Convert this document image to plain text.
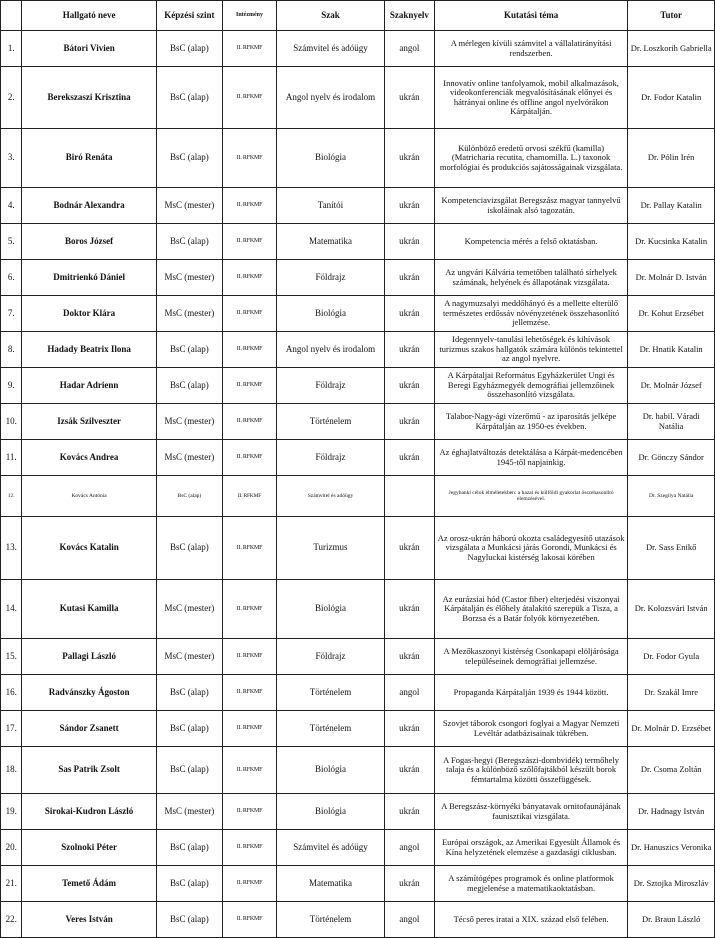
	Hallgató neve	Képzési szint	Intézmény	Szak	Szaknyelv	Kutatási téma	Tutor
1.	Bátori Vivien	BsC (alap)	II. RFKMF	Számvitel és adóügy	angol	A mérlegen kívüli számvitel a vállalatirányítási rendszerben.	Dr. Loszkorih Gabriella
2.	Berekszaszi Krisztina	BsC (alap)	II. RFKMF	Angol nyelv és irodalom	ukrán	Innovatív online tanfolyamok, mobil alkalmazások, videokonferenciák megvalósításának előnyei és hátrányai online és offline angol nyelvórákon Kárpátalján.	Dr. Fodor Katalin
3.	Biró Renáta	BsC (alap)	II. RFKMF	Biológia	ukrán	Különböző eredetű orvosi székfű (kamilla) (Matricharia recutita, chamomilla. L.) taxonok morfológiai és produkciós sajátosságainak vizsgálata.	Dr. Pólin Irén
4.	Bodnár Alexandra	MsC (mester)	II. RFKMF	Tanítói	ukrán	Kompetenciavizsgálat Beregszász magyar tannyelvű iskoláinak alsó tagozatán.	Dr. Pallay Katalin
5.	Boros József	BsC (alap)	II. RFKMF	Matematika	ukrán	Kompetencia mérés a felső oktatásban.	Dr. Kucsinka Katalin
6.	Dmitrienkó Dániel	MsC (mester)	II. RFKMF	Földrajz	ukrán	Az ungvári Kálvária temetőben található sírhelyek számának, helyének és állapotának vizsgálata.	Dr. Molnár D. István
7.	Doktor Klára	MsC (mester)	II. RFKMF	Biológia	ukrán	A nagymuzsalyi meddőhányó és a mellette elterülő természetes erdőssáv növényzetének összehasonlító jellemzése.	Dr. Kohut Erzsébet
8.	Hadady Beatrix Ilona	BsC (alap)	II. RFKMF	Angol nyelv és irodalom	ukrán	Idegennyelv-tanulási lehetőségek és kihívások turizmus szakos hallgatók számára különös tekintettel az angol nyelvre.	Dr. Hnatik Katalin
9.	Hadar Adrienn	BsC (alap)	II. RFKMF	Földrajz	ukrán	A Kárpátaljai Református Egyházkerület Ungi és Beregi Egyházmegyék demográfiai jellemzőinek összehasonlító vizsgálata.	Dr. Molnár József
10.	Izsák Szilveszter	MsC (mester)	II. RFKMF	Történelem	ukrán	Talabor-Nagy-ági vízerőmű - az iparosítás jelképe Kárpátalján az 1950-es években.	Dr. habil. Váradi Natália
11.	Kovács Andrea	MsC (mester)	II. RFKMF	Földrajz	ukrán	Az éghajlatváltozás detektálása a Kárpát-medencében 1945-től napjainkig.	Dr. Gönczy Sándor
12.	Kovács Antónia	BsC (alap)	II. RFKMF	Számvitel és adóügy		Jegybanki célok elméletekben: a hazai és külföldi gyakorlat összehasonlító elemzésével.	Dr. Szegilya Natália
13.	Kovács Katalin	BsC (alap)	II. RFKMF	Turizmus	ukrán	Az orosz-ukrán háború okozta családegyesítő utazások vizsgálata a Munkácsi járás Gorondi, Munkácsi és Nagyluckai kistérség lakosai körében	Dr. Sass Enikő
14.	Kutasi Kamilla	MsC (mester)	II. RFKMF	Biológia	ukrán	Az eurázsiai hód (Castor fiber) elterjedési viszonyai Kárpátalján és élőhely átalakító szerepük a Tisza, a Borzsa és a Batár folyók környezetében.	Dr. Kolozsvári István
15.	Pallagi László	MsC (mester)	II. RFKMF	Földrajz	ukrán	A Mezőkaszonyi kistérség Csonkapapi elöljárósága településeinek demográfiai jellemzése.	Dr. Fodor Gyula
16.	Radvánszky Ágoston	BsC (alap)	II. RFKMF	Történelem	angol	Propaganda Kárpátalján 1939 és 1944 között.	Dr. Szakál Imre
17.	Sándor Zsanett	BsC (alap)	II. RFKMF	Történelem	ukrán	Szovjet táborok csongori foglyai a Magyar Nemzeti Levéltár adatbázisainak tükrében.	Dr. Molnár D. Erzsébet
18.	Sas Patrik Zsolt	BsC (alap)	II. RFKMF	Biológia	ukrán	A Fogas-hegyi (Beregszászi-dombvidék) termőhely talaja és a különböző szőlőfajtákból készült borok fémtartalma közötti összefüggések.	Dr. Csoma Zoltán
19.	Sirokai-Kudron László	MsC (mester)	II. RFKMF	Biológia	ukrán	A Beregszász-környéki bányatavak ornitofaunájának faunisztikai vizsgálata.	Dr. Hadnagy István
20.	Szolnoki Péter	BsC (alap)	II. RFKMF	Számvitel és adóügy	angol	Európai országok, az Amerikai Egyesült Államok és Kína helyzetének elemzése a gazdasági ciklusban.	Dr. Hanuszics Veronika
21.	Temető Ádám	BsC (alap)	II. RFKMF	Matematika	ukrán	A számítógépes programok és online platformok megjelenése a matematikaoktatásban.	Dr. Sztojka Miroszláv
22.	Veres István	BsC (alap)	II. RFKMF	Történelem	angol	Técső peres iratai a XIX. század első felében.	Dr. Braun László
